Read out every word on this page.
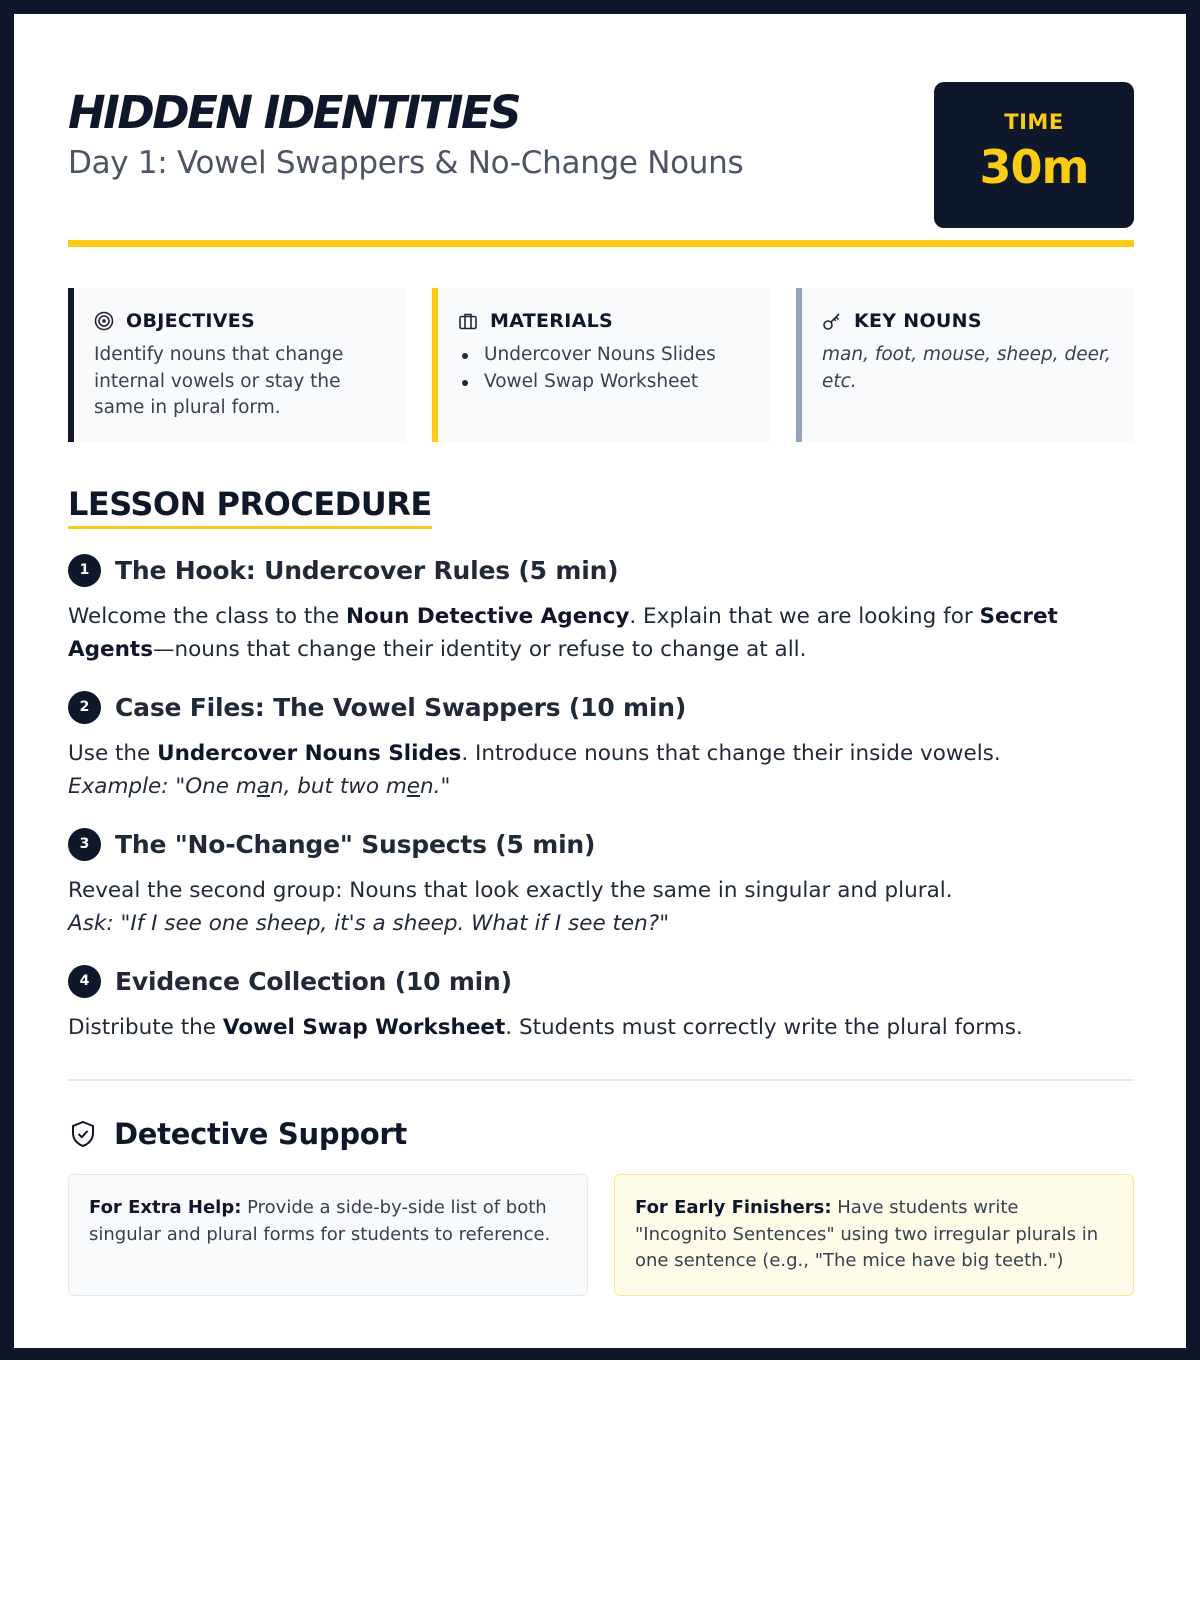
HIDDEN IDENTITIES
Day 1: Vowel Swappers & No-Change Nouns
TIME
30m
OBJECTIVES
Identify nouns that change internal vowels or stay the same in plural form.
MATERIALS
Undercover Nouns Slides
Vowel Swap Worksheet
KEY NOUNS
man, foot, mouse, sheep, deer, etc.
LESSON PROCEDURE
1	The Hook: Undercover Rules (5 min)
Welcome the class to the Noun Detective Agency. Explain that we are looking for Secret Agents—nouns that change their identity or refuse to change at all.
2	Case Files: The Vowel Swappers (10 min)
Use the Undercover Nouns Slides. Introduce nouns that change their inside vowels.
Example: "One man, but two men."
3	The "No-Change" Suspects (5 min)
Reveal the second group: Nouns that look exactly the same in singular and plural.
Ask: "If I see one sheep, it's a sheep. What if I see ten?"
4	Evidence Collection (10 min)
Distribute the Vowel Swap Worksheet. Students must correctly write the plural forms.
Detective Support
For Extra Help: Provide a side-by-side list of both singular and plural forms for students to reference.
For Early Finishers: Have students write "Incognito Sentences" using two irregular plurals in one sentence (e.g., "The mice have big teeth.")
